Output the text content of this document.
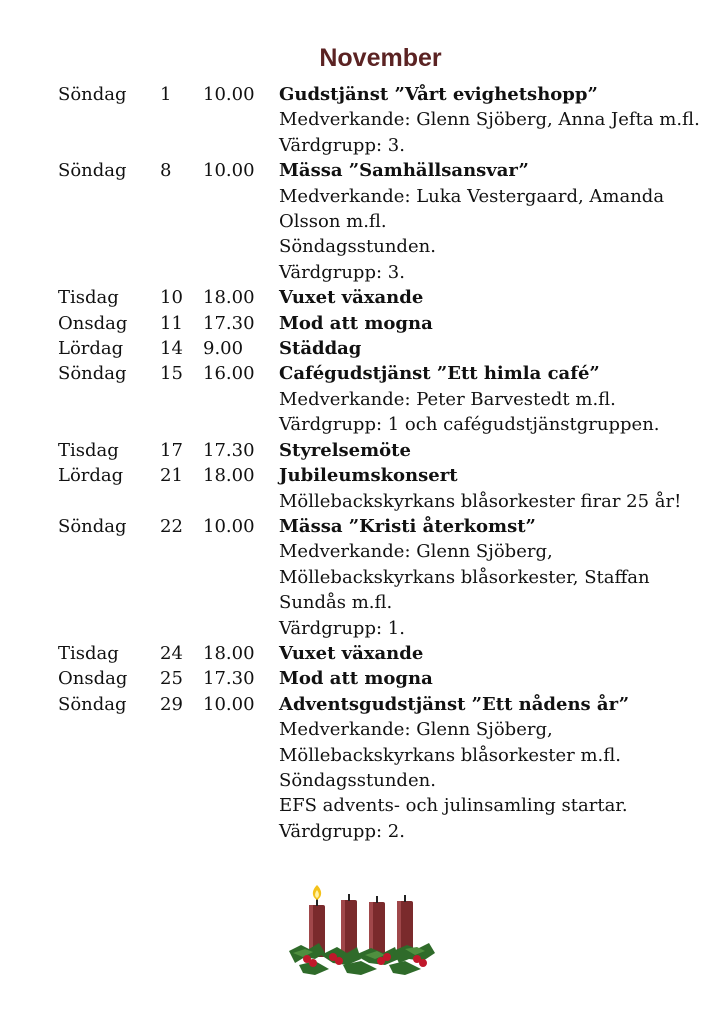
November
Söndag 1 10.00 Gudstjänst ”Vårt evighetshopp”
Medverkande: Glenn Sjöberg, Anna Jefta m.fl.
Värdgrupp: 3.
Söndag 8 10.00 Mässa ”Samhällsansvar”
Medverkande: Luka Vestergaard, Amanda
Olsson m.fl.
Söndagsstunden.
Värdgrupp: 3.
Tisdag 10 18.00 Vuxet växande
Onsdag 11 17.30 Mod att mogna
Lördag 14 9.00 Städdag
Söndag 15 16.00 Cafégudstjänst ”Ett himla café”
Medverkande: Peter Barvestedt m.fl.
Värdgrupp: 1 och cafégudstjänstgruppen.
Tisdag 17 17.30 Styrelsemöte
Lördag 21 18.00 Jubileumskonsert
Möllebackskyrkans blåsorkester firar 25 år!
Söndag 22 10.00 Mässa ”Kristi återkomst”
Medverkande: Glenn Sjöberg,
Möllebackskyrkans blåsorkester, Staffan
Sundås m.fl.
Värdgrupp: 1.
Tisdag 24 18.00 Vuxet växande
Onsdag 25 17.30 Mod att mogna
Söndag 29 10.00 Adventsgudstjänst ”Ett nådens år”
Medverkande: Glenn Sjöberg,
Möllebackskyrkans blåsorkester m.fl.
Söndagsstunden.
EFS advents- och julinsamling startar.
Värdgrupp: 2.
